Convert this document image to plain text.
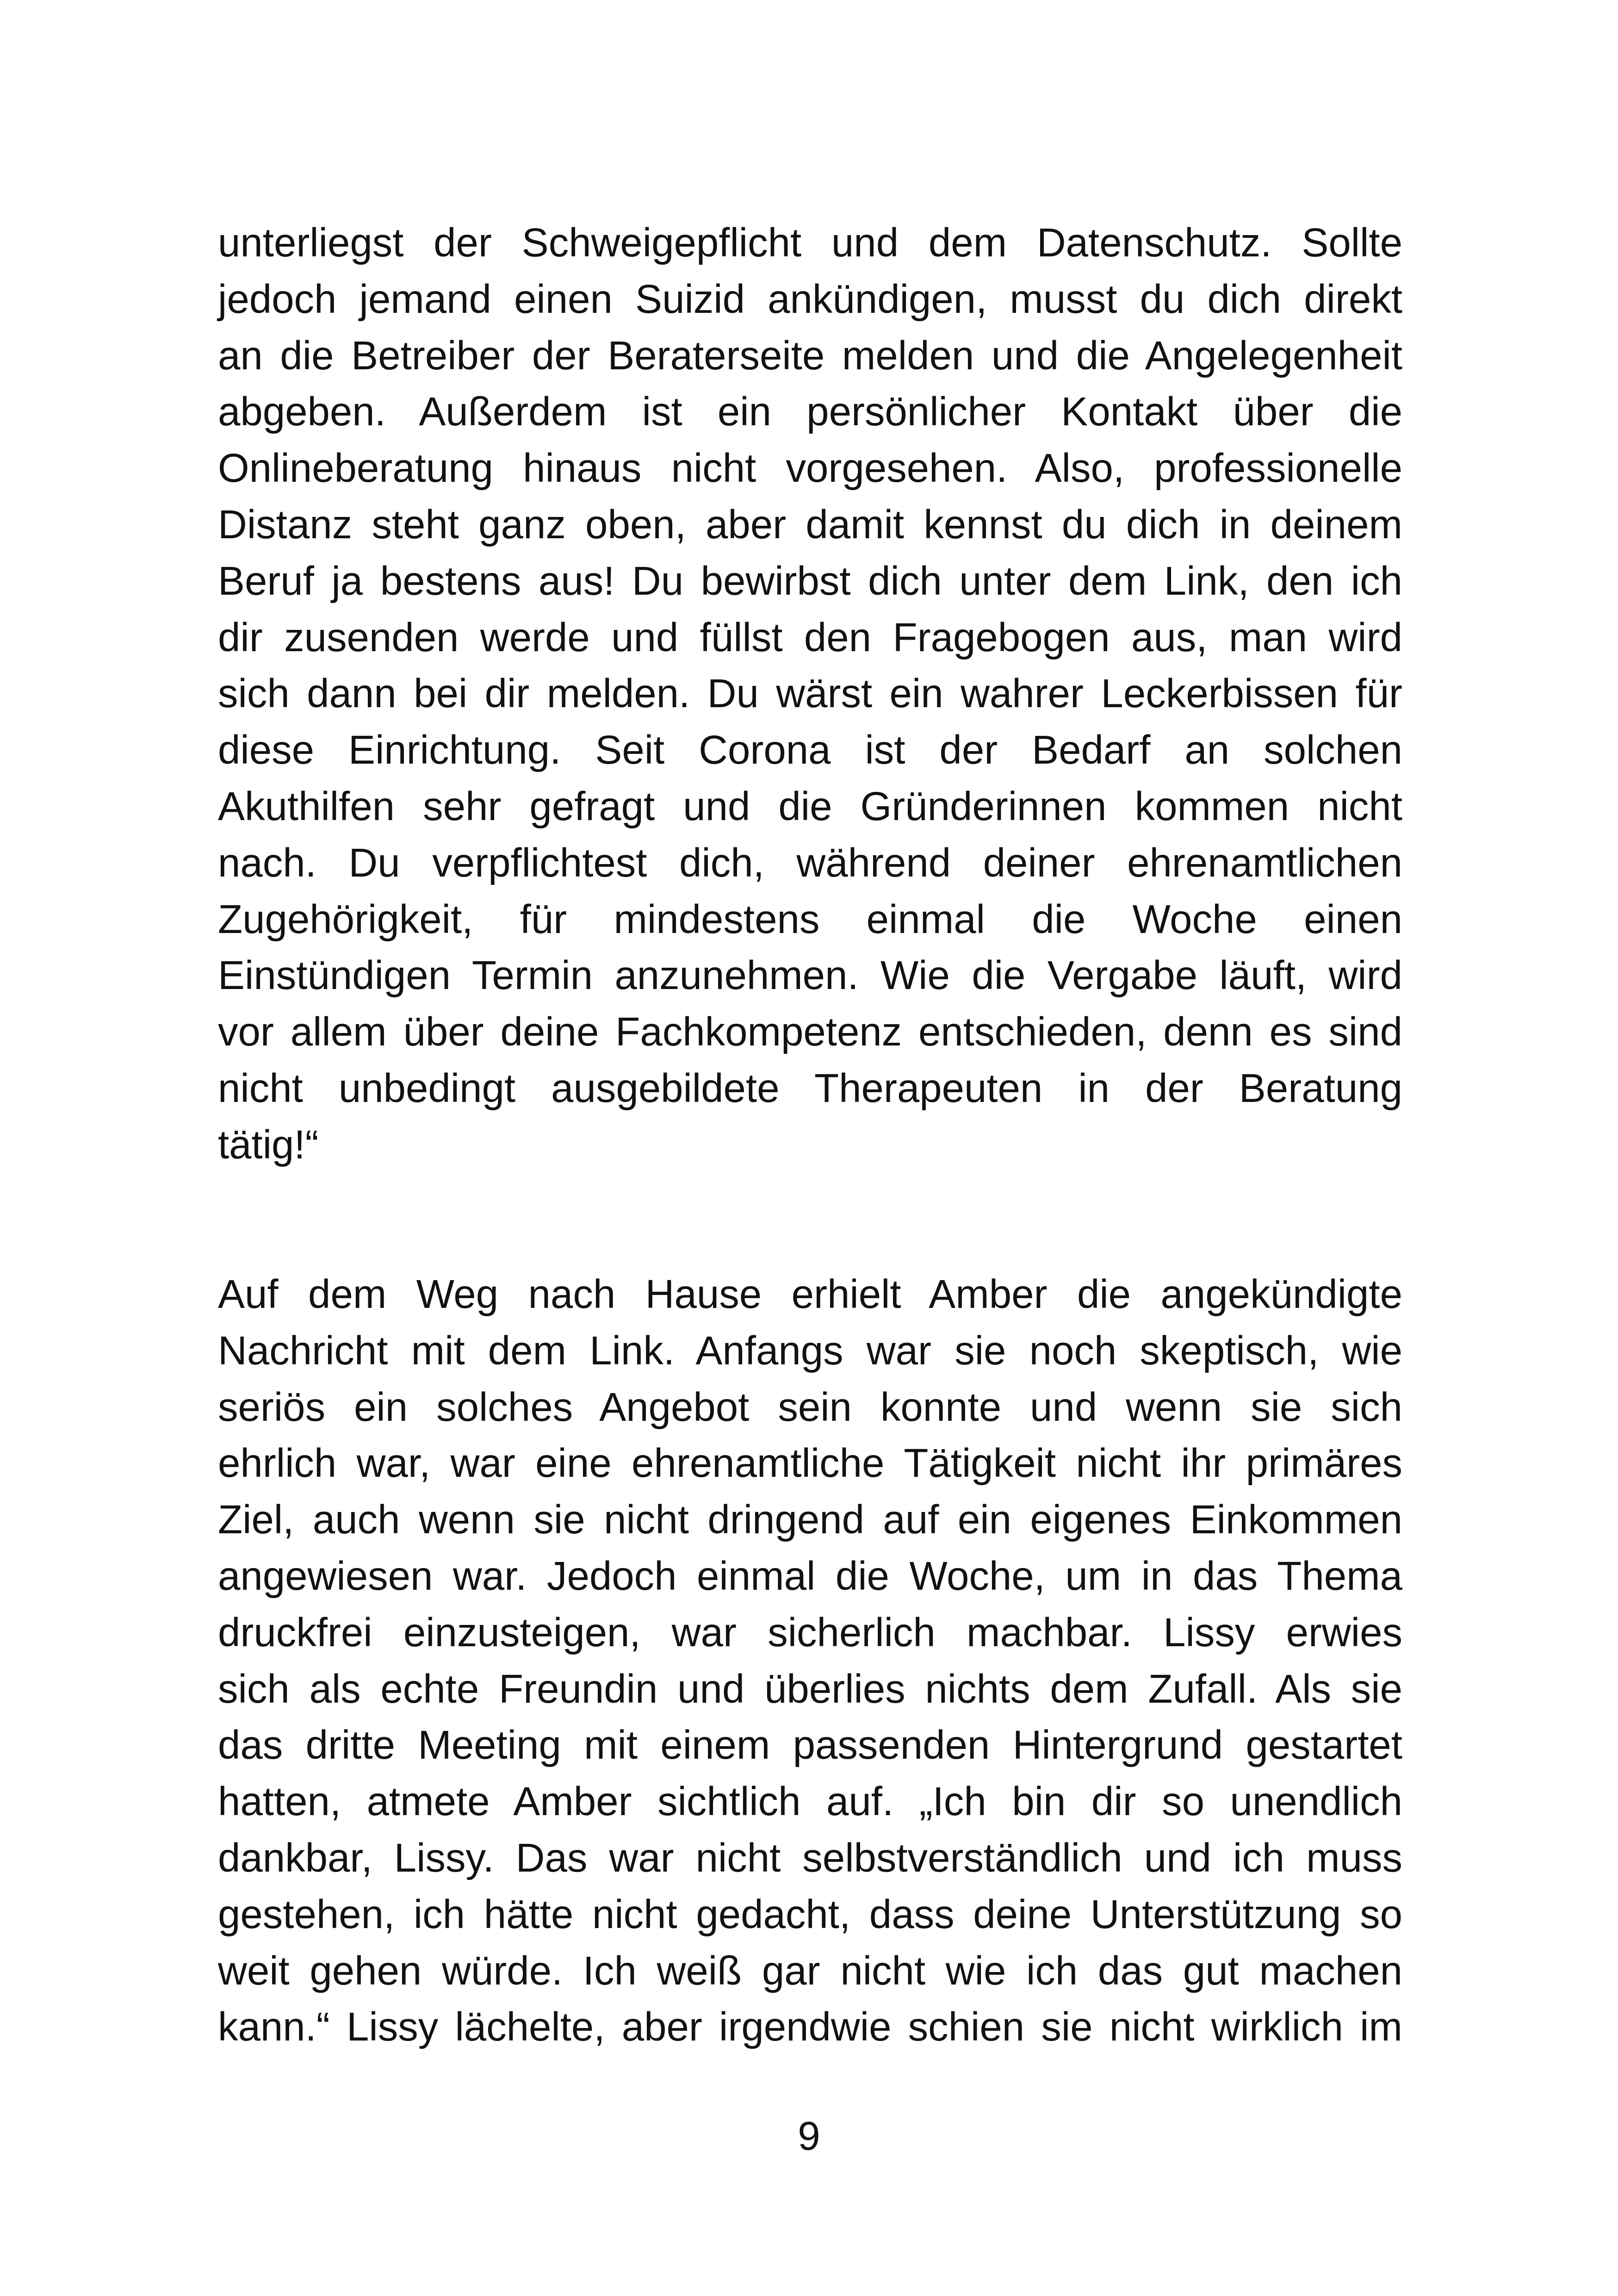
unterliegst der Schweigepflicht und dem Datenschutz. Sollte
jedoch jemand einen Suizid ankündigen, musst du dich direkt
an die Betreiber der Beraterseite melden und die Angelegenheit
abgeben. Außerdem ist ein persönlicher Kontakt über die
Onlineberatung hinaus nicht vorgesehen. Also, professionelle
Distanz steht ganz oben, aber damit kennst du dich in deinem
Beruf ja bestens aus! Du bewirbst dich unter dem Link, den ich
dir zusenden werde und füllst den Fragebogen aus, man wird
sich dann bei dir melden. Du wärst ein wahrer Leckerbissen für
diese Einrichtung. Seit Corona ist der Bedarf an solchen
Akuthilfen sehr gefragt und die Gründerinnen kommen nicht
nach. Du verpflichtest dich, während deiner ehrenamtlichen
Zugehörigkeit, für mindestens einmal die Woche einen
Einstündigen Termin anzunehmen. Wie die Vergabe läuft, wird
vor allem über deine Fachkompetenz entschieden, denn es sind
nicht unbedingt ausgebildete Therapeuten in der Beratung
tätig!“
Auf dem Weg nach Hause erhielt Amber die angekündigte
Nachricht mit dem Link. Anfangs war sie noch skeptisch, wie
seriös ein solches Angebot sein konnte und wenn sie sich
ehrlich war, war eine ehrenamtliche Tätigkeit nicht ihr primäres
Ziel, auch wenn sie nicht dringend auf ein eigenes Einkommen
angewiesen war. Jedoch einmal die Woche, um in das Thema
druckfrei einzusteigen, war sicherlich machbar. Lissy erwies
sich als echte Freundin und überlies nichts dem Zufall. Als sie
das dritte Meeting mit einem passenden Hintergrund gestartet
hatten, atmete Amber sichtlich auf. „Ich bin dir so unendlich
dankbar, Lissy. Das war nicht selbstverständlich und ich muss
gestehen, ich hätte nicht gedacht, dass deine Unterstützung so
weit gehen würde. Ich weiß gar nicht wie ich das gut machen
kann.“ Lissy lächelte, aber irgendwie schien sie nicht wirklich im
9
